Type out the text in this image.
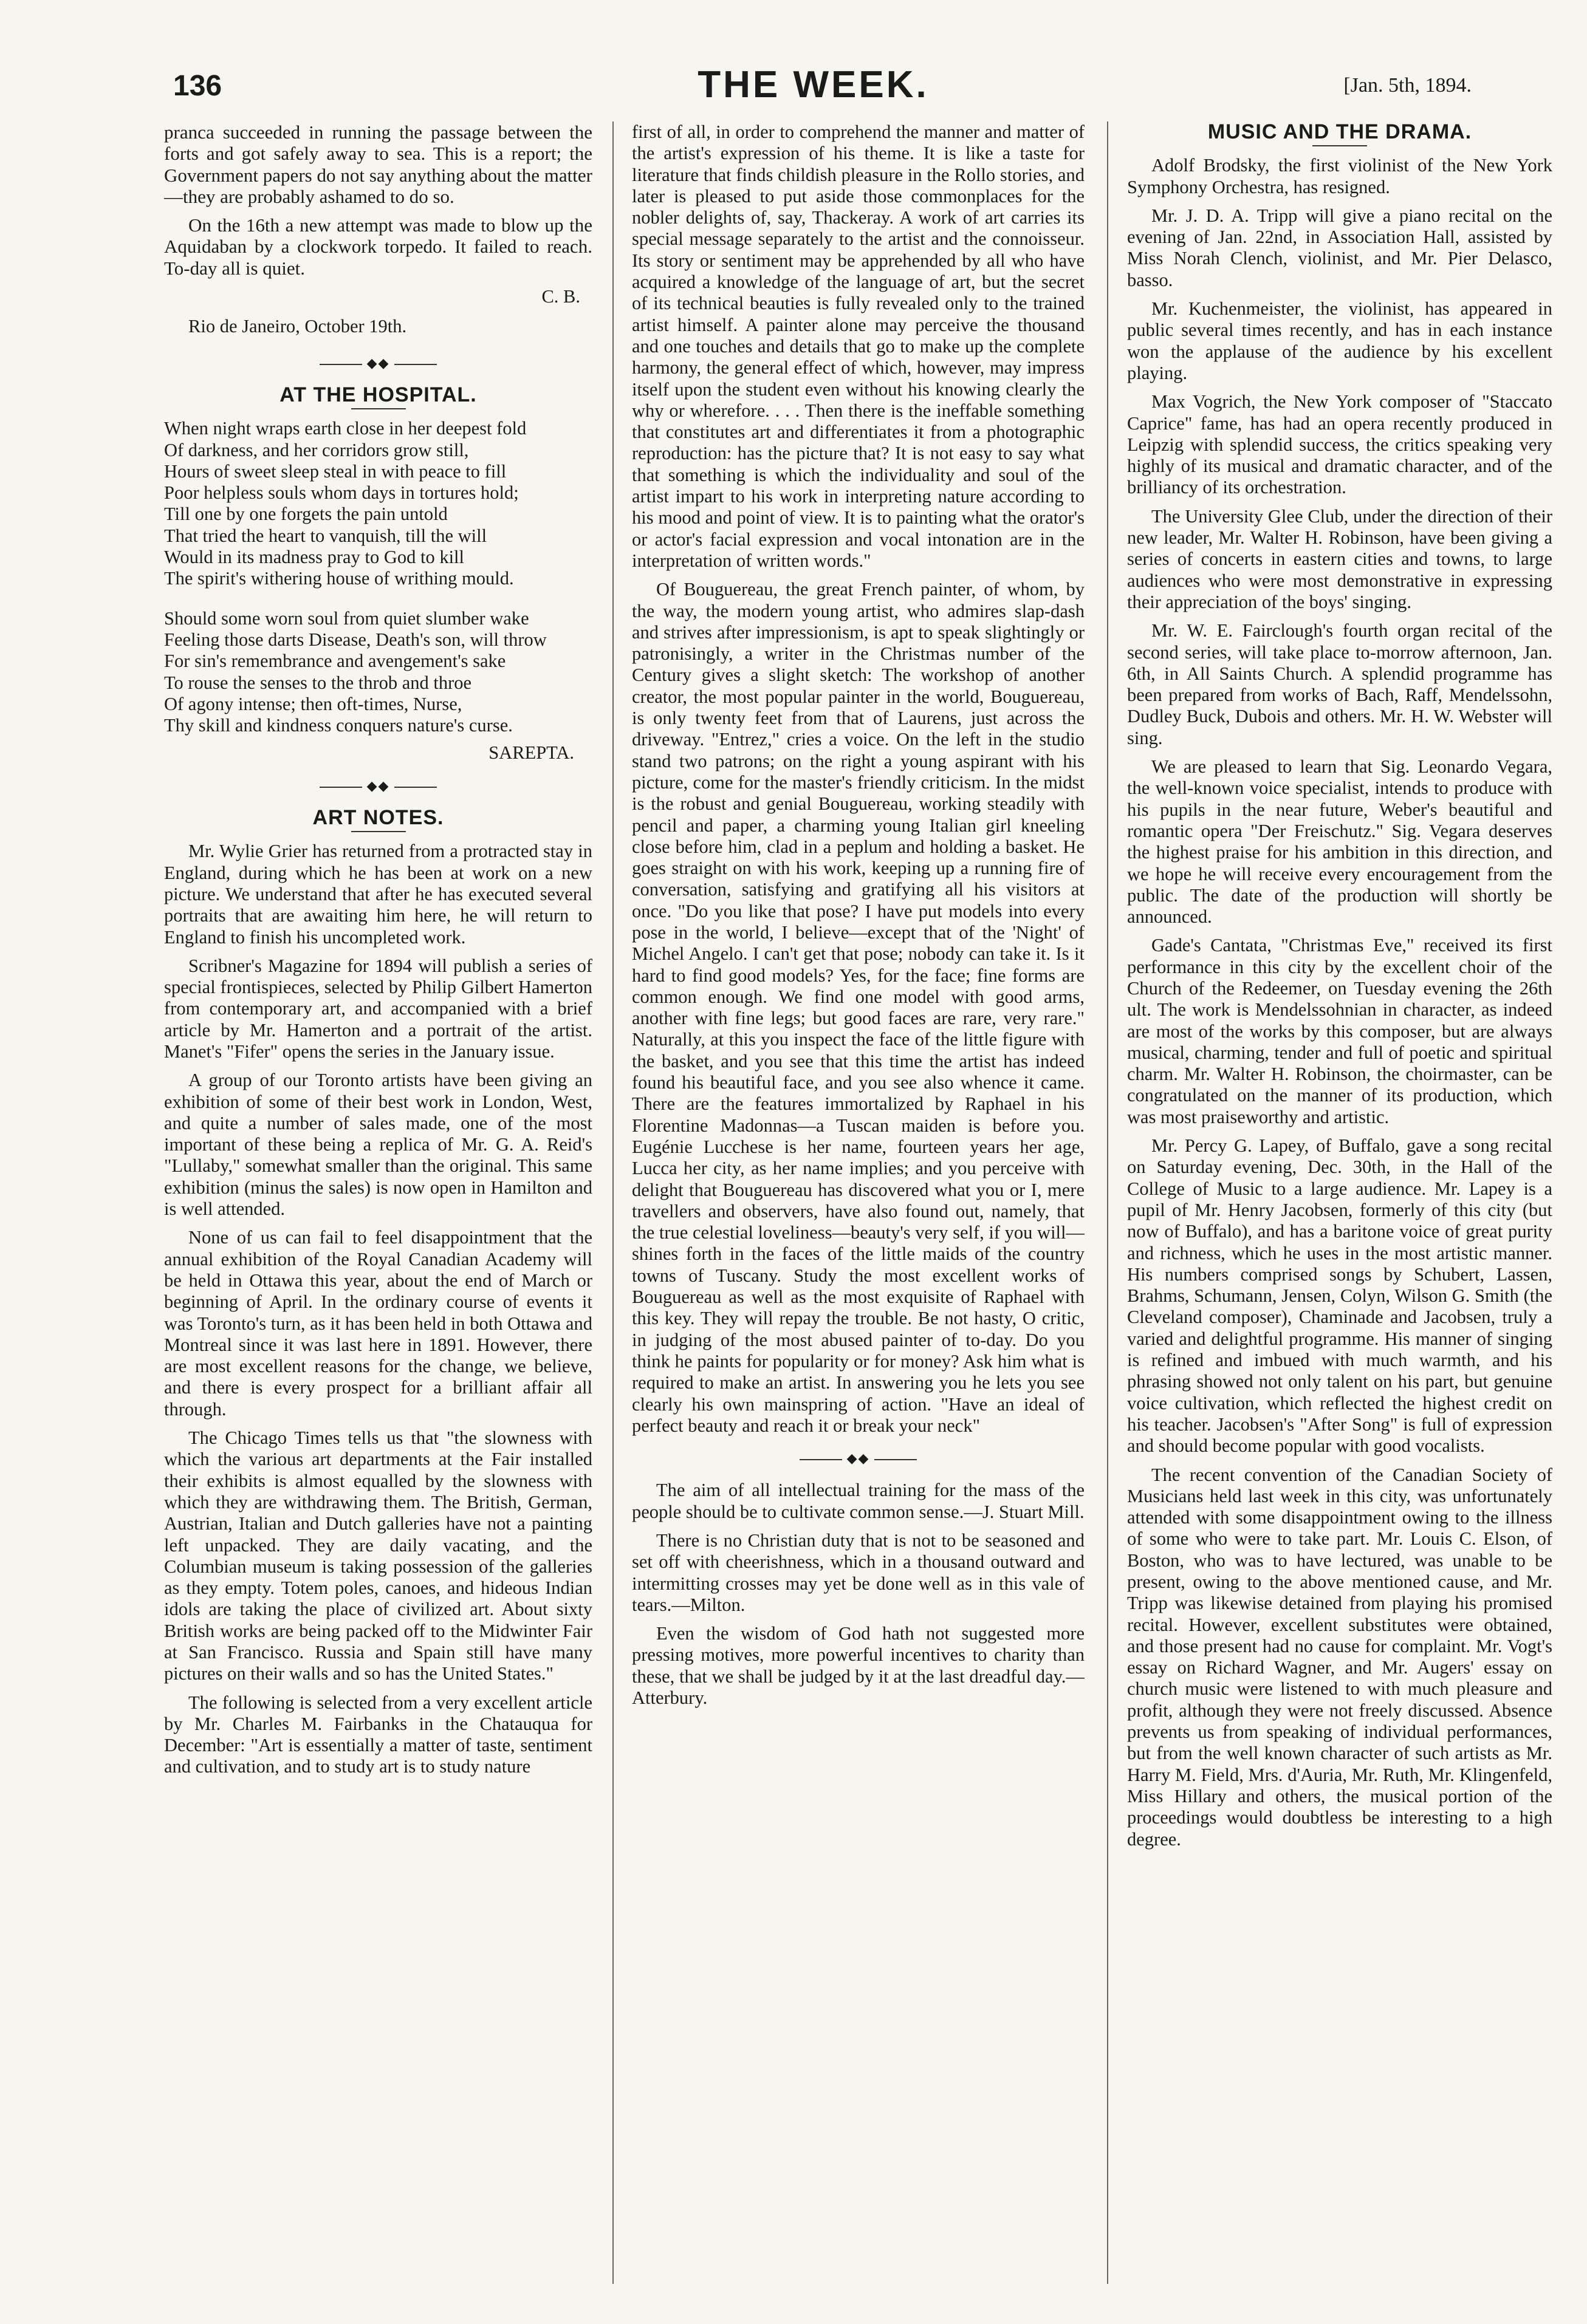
136	THE WEEK.	[Jan. 5th, 1894.

pranca succeeded in running the passage between the forts and got safely away to sea. This is a report; the Government papers do not say anything about the matter—they are probably ashamed to do so.

On the 16th a new attempt was made to blow up the Aquidaban by a clockwork torpedo. It failed to reach. To-day all is quiet.

C. B.
Rio de Janeiro, October 19th.
◆◆
AT THE HOSPITAL.

When night wraps earth close in her deepest fold

Of darkness, and her corridors grow still,

Hours of sweet sleep steal in with peace to fill

Poor helpless souls whom days in tortures hold;

Till one by one forgets the pain untold

That tried the heart to vanquish, till the will

Would in its madness pray to God to kill

The spirit's withering house of writhing mould.

Should some worn soul from quiet slumber wake

Feeling those darts Disease, Death's son, will throw

For sin's remembrance and avengement's sake

To rouse the senses to the throb and throe

Of agony intense; then oft-times, Nurse,

Thy skill and kindness conquers nature's curse.

SAREPTA.
◆◆
ART NOTES.

Mr. Wylie Grier has returned from a protracted stay in England, during which he has been at work on a new picture. We understand that after he has executed several portraits that are awaiting him here, he will return to England to finish his uncompleted work.

Scribner's Magazine for 1894 will publish a series of special frontispieces, selected by Philip Gilbert Hamerton from contemporary art, and accompanied with a brief article by Mr. Hamerton and a portrait of the artist. Manet's "Fifer" opens the series in the January issue.

A group of our Toronto artists have been giving an exhibition of some of their best work in London, West, and quite a number of sales made, one of the most important of these being a replica of Mr. G. A. Reid's "Lullaby," somewhat smaller than the original. This same exhibition (minus the sales) is now open in Hamilton and is well attended.

None of us can fail to feel disappointment that the annual exhibition of the Royal Canadian Academy will be held in Ottawa this year, about the end of March or beginning of April. In the ordinary course of events it was Toronto's turn, as it has been held in both Ottawa and Montreal since it was last here in 1891. However, there are most excellent reasons for the change, we believe, and there is every prospect for a brilliant affair all through.

The Chicago Times tells us that "the slowness with which the various art departments at the Fair installed their exhibits is almost equalled by the slowness with which they are withdrawing them. The British, German, Austrian, Italian and Dutch galleries have not a painting left unpacked. They are daily vacating, and the Columbian museum is taking possession of the galleries as they empty. Totem poles, canoes, and hideous Indian idols are taking the place of civilized art. About sixty British works are being packed off to the Midwinter Fair at San Francisco. Russia and Spain still have many pictures on their walls and so has the United States."

The following is selected from a very excellent article by Mr. Charles M. Fairbanks in the Chatauqua for December: "Art is essentially a matter of taste, sentiment and cultivation, and to study art is to study nature

first of all, in order to comprehend the manner and matter of the artist's expression of his theme. It is like a taste for literature that finds childish pleasure in the Rollo stories, and later is pleased to put aside those commonplaces for the nobler delights of, say, Thackeray. A work of art carries its special message separately to the artist and the connoisseur. Its story or sentiment may be apprehended by all who have acquired a knowledge of the language of art, but the secret of its technical beauties is fully revealed only to the trained artist himself. A painter alone may perceive the thousand and one touches and details that go to make up the complete harmony, the general effect of which, however, may impress itself upon the student even without his knowing clearly the why or wherefore. . . . Then there is the ineffable something that constitutes art and differentiates it from a photographic reproduction: has the picture that? It is not easy to say what that something is which the individuality and soul of the artist impart to his work in interpreting nature according to his mood and point of view. It is to painting what the orator's or actor's facial expression and vocal intonation are in the interpretation of written words."

Of Bouguereau, the great French painter, of whom, by the way, the modern young artist, who admires slap-dash and strives after impressionism, is apt to speak slightingly or patronisingly, a writer in the Christmas number of the Century gives a slight sketch: The workshop of another creator, the most popular painter in the world, Bouguereau, is only twenty feet from that of Laurens, just across the driveway. "Entrez," cries a voice. On the left in the studio stand two patrons; on the right a young aspirant with his picture, come for the master's friendly criticism. In the midst is the robust and genial Bouguereau, working steadily with pencil and paper, a charming young Italian girl kneeling close before him, clad in a peplum and holding a basket. He goes straight on with his work, keeping up a running fire of conversation, satisfying and gratifying all his visitors at once. "Do you like that pose? I have put models into every pose in the world, I believe—except that of the 'Night' of Michel Angelo. I can't get that pose; nobody can take it. Is it hard to find good models? Yes, for the face; fine forms are common enough. We find one model with good arms, another with fine legs; but good faces are rare, very rare." Naturally, at this you inspect the face of the little figure with the basket, and you see that this time the artist has indeed found his beautiful face, and you see also whence it came. There are the features immortalized by Raphael in his Florentine Madonnas—a Tuscan maiden is before you. Eugénie Lucchese is her name, fourteen years her age, Lucca her city, as her name implies; and you perceive with delight that Bouguereau has discovered what you or I, mere travellers and observers, have also found out, namely, that the true celestial loveliness—beauty's very self, if you will—shines forth in the faces of the little maids of the country towns of Tuscany. Study the most excellent works of Bouguereau as well as the most exquisite of Raphael with this key. They will repay the trouble. Be not hasty, O critic, in judging of the most abused painter of to-day. Do you think he paints for popularity or for money? Ask him what is required to make an artist. In answering you he lets you see clearly his own mainspring of action. "Have an ideal of perfect beauty and reach it or break your neck"

◆◆

The aim of all intellectual training for the mass of the people should be to cultivate common sense.—J. Stuart Mill.

There is no Christian duty that is not to be seasoned and set off with cheerishness, which in a thousand outward and intermitting crosses may yet be done well as in this vale of tears.—Milton.

Even the wisdom of God hath not suggested more pressing motives, more powerful incentives to charity than these, that we shall be judged by it at the last dreadful day.—Atterbury.

MUSIC AND THE DRAMA.

Adolf Brodsky, the first violinist of the New York Symphony Orchestra, has resigned.

Mr. J. D. A. Tripp will give a piano recital on the evening of Jan. 22nd, in Association Hall, assisted by Miss Norah Clench, violinist, and Mr. Pier Delasco, basso.

Mr. Kuchenmeister, the violinist, has appeared in public several times recently, and has in each instance won the applause of the audience by his excellent playing.

Max Vogrich, the New York composer of "Staccato Caprice" fame, has had an opera recently produced in Leipzig with splendid success, the critics speaking very highly of its musical and dramatic character, and of the brilliancy of its orchestration.

The University Glee Club, under the direction of their new leader, Mr. Walter H. Robinson, have been giving a series of concerts in eastern cities and towns, to large audiences who were most demonstrative in expressing their appreciation of the boys' singing.

Mr. W. E. Fairclough's fourth organ recital of the second series, will take place to-morrow afternoon, Jan. 6th, in All Saints Church. A splendid programme has been prepared from works of Bach, Raff, Mendelssohn, Dudley Buck, Dubois and others. Mr. H. W. Webster will sing.

We are pleased to learn that Sig. Leonardo Vegara, the well-known voice specialist, intends to produce with his pupils in the near future, Weber's beautiful and romantic opera "Der Freischutz." Sig. Vegara deserves the highest praise for his ambition in this direction, and we hope he will receive every encouragement from the public. The date of the production will shortly be announced.

Gade's Cantata, "Christmas Eve," received its first performance in this city by the excellent choir of the Church of the Redeemer, on Tuesday evening the 26th ult. The work is Mendelssohnian in character, as indeed are most of the works by this composer, but are always musical, charming, tender and full of poetic and spiritual charm. Mr. Walter H. Robinson, the choirmaster, can be congratulated on the manner of its production, which was most praiseworthy and artistic.

Mr. Percy G. Lapey, of Buffalo, gave a song recital on Saturday evening, Dec. 30th, in the Hall of the College of Music to a large audience. Mr. Lapey is a pupil of Mr. Henry Jacobsen, formerly of this city (but now of Buffalo), and has a baritone voice of great purity and richness, which he uses in the most artistic manner. His numbers comprised songs by Schubert, Lassen, Brahms, Schumann, Jensen, Colyn, Wilson G. Smith (the Cleveland composer), Chaminade and Jacobsen, truly a varied and delightful programme. His manner of singing is refined and imbued with much warmth, and his phrasing showed not only talent on his part, but genuine voice cultivation, which reflected the highest credit on his teacher. Jacobsen's "After Song" is full of expression and should become popular with good vocalists.

The recent convention of the Canadian Society of Musicians held last week in this city, was unfortunately attended with some disappointment owing to the illness of some who were to take part. Mr. Louis C. Elson, of Boston, who was to have lectured, was unable to be present, owing to the above mentioned cause, and Mr. Tripp was likewise detained from playing his promised recital. However, excellent substitutes were obtained, and those present had no cause for complaint. Mr. Vogt's essay on Richard Wagner, and Mr. Augers' essay on church music were listened to with much pleasure and profit, although they were not freely discussed. Absence prevents us from speaking of individual performances, but from the well known character of such artists as Mr. Harry M. Field, Mrs. d'Auria, Mr. Ruth, Mr. Klingenfeld, Miss Hillary and others, the musical portion of the proceedings would doubtless be interesting to a high degree.
